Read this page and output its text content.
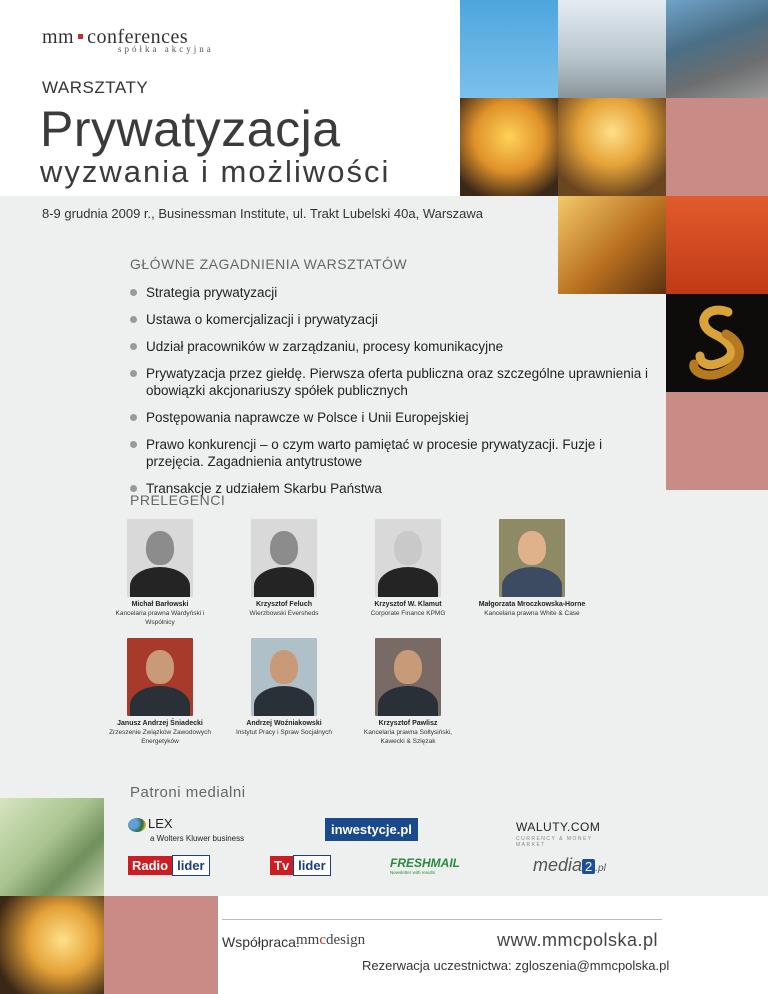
mm conferences
spółka akcyjna
WARSZTATY
Prywatyzacja
wyzwania i możliwości
8-9 grudnia 2009 r., Businessman Institute, ul. Trakt Lubelski 40a, Warszawa
GŁÓWNE ZAGADNIENIA WARSZTATÓW
Strategia prywatyzacji
Ustawa o komercjalizacji i prywatyzacji
Udział pracowników w zarządzaniu, procesy komunikacyjne
Prywatyzacja przez giełdę. Pierwsza oferta publiczna oraz szczególne uprawnienia i obowiązki akcjonariuszy spółek publicznych
Postępowania naprawcze w Polsce i Unii Europejskiej
Prawo konkurencji – o czym warto pamiętać w procesie prywatyzacji. Fuzje i przejęcia. Zagadnienia antytrustowe
Transakcje z udziałem Skarbu Państwa
PRELEGENCI
Michał Barłowski
Kancelaria prawna Wardyński i Wspólnicy
Krzysztof Feluch
Wierzbowski Eversheds
Krzysztof W. Klamut
Corporate Finance KPMG
Małgorzata Mroczkowska-Horne
Kancelaria prawna White & Case
Janusz Andrzej Śniadecki
Zrzeszenie Związków Zawodowych Energetyków
Andrzej Woźniakowski
Instytut Pracy i Spraw Socjalnych
Krzysztof Pawlisz
Kancelaria prawna Sołtysiński, Kawecki & Szlęzak
Patroni medialni
LEX
a Wolters Kluwer business
inwestycje.pl	WALUTY.COM
CURRENCY & MONEY MARKET
Radio lider	Tv lider	FRESHMAIL
Newsletter with results	media 2 .pl
Współpraca:
mmcdesign	www.mmcpolska.pl
Rezerwacja uczestnictwa: zgloszenia@mmcpolska.pl
